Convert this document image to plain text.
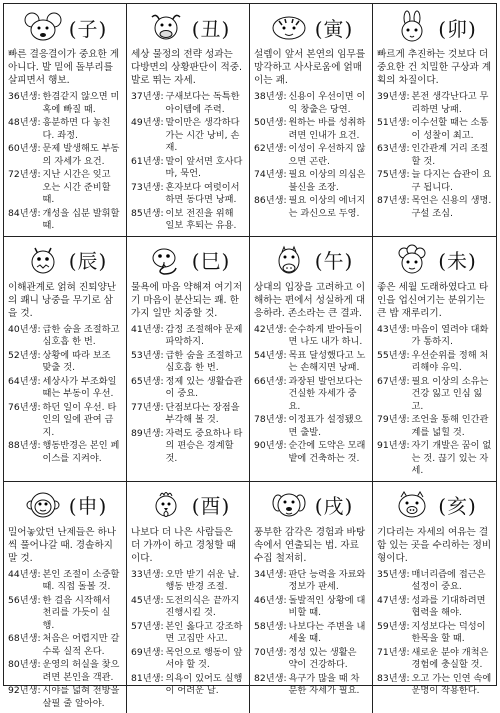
(子)
빠른 결응결이가 중요한 게 아니다. 발 밑에 돌부리를 살피면서 행보.
36년생: 한겸같지 않으면 미 혹에 빠질 때.
48년생: 흥분하면 다 놓친다. 좌정.
60년생: 문제 발생해도 부동의 자세가 요건.
72년생: 지난 시간은 잊고 오는 시간 준비할 때.
84년생: 개성을 십분 발휘할 때.
(丑)
세상 물정의 전략 성과는 다방면의 상황판단이 적중. 발로 뛰는 자세.
37년생: 구새보다는 독특한 아이템에 주력.
49년생: 말이만은 생각하다가는 시간 낭비, 손재.
61년생: 말이 앞서면 호사다마, 묵언.
73년생: 혼자보다 여럿이서 하면 동다면 낭패.
85년생: 이보 전진을 위해 일보 후퇴는 유용.
(寅)
설렘이 앞서 본연의 임무를 망각하고 사사로움에 얽매이는 괘.
38년생: 신용이 우선이면 이익 창출은 당연.
50년생: 원하는 바를 성취하려면 인내가 요건.
62년생: 이성이 우선하지 않으면 곤란.
74년생: 필요 이상의 의심은 불신을 조장.
86년생: 필요 이상의 에너지는 과신으로 두영.
(卯)
빠르게 추진하는 것보다 더 중요한 건 치밀한 구상과 계획의 차질이다.
39년생: 본전 생각난다고 무리하면 낭패.
51년생: 이수선할 때는 소통이 성찰이 최고.
63년생: 인간관계 거리 조절할 것.
75년생: 늘 다지는 습관이 요구 됩니다.
87년생: 목언은 신용의 생명. 구설 조심.
(辰)
이해관계로 얽혀 진퇴양난의 쾌니 낭중을 무기로 삼을 것.
40년생: 급한 숨을 조절하고 심호흡 한 번.
52년생: 상황에 따라 보조 맞출 것.
64년생: 세상사가 부조화일 때는 부동이 우선.
76년생: 하던 일이 우선. 타인의 일에 관여 금지.
88년생: 행동반경은 본인 페이스를 지켜야.
(巳)
물욕에 마음 약해져 여기저기 마음이 분산되는 쾌. 한 가지 일만 치중할 것.
41년생: 감정 조절해야 문제 파악하지.
53년생: 급한 숨을 조절하고 심호흡 한 번.
65년생: 정제 있는 생활습관이 중요.
77년생: 단점보다는 장점을 부각해 볼 것.
89년생: 자력도 중요하나 타의 편승은 경계할 것.
(午)
상대의 입장을 고려하고 이해하는 편에서 성실하게 대응하라. 존소라는 큰 결과.
42년생: 순수하게 받아들이면 나도 내가 하니.
54년생: 목표 달성했다고 노는 손해지면 낭패.
66년생: 과장된 발언보다는 건실한 자세가 중요.
78년생: 이정표가 설정됐으면 출발.
90년생: 순간에 도약은 모래 밭에 건축하는 것.
(未)
좋은 세월 도래하였다고 타인을 업신여기는 분위기는 큰 밥 재루리기.
43년생: 마음이 열려야 대화가 통하지.
55년생: 우선순위를 정해 처리해야 유익.
67년생: 필요 이상의 소유는 건강 잃고 인심 잃고.
79년생: 조언을 통해 인간관계를 넓힐 것.
91년생: 자기 개발은 꿈이 없는 것. 끊기 있는 자세.
(申)
밀어놓았던 난제들은 하나씩 풀어나갈 때. 경솔하지 말 것.
44년생: 본인 조절이 소중할 때. 직접 돌볼 것.
56년생: 한 걸음 시작해서 천리를 가듯이 실행.
68년생: 처음은 어렵지만 갈수록 실적 온다.
80년생: 운영의 허실을 찾으려면 본인을 객관.
92년생: 시야를 넓혀 전방을 살필 줄 알아야.
(酉)
나보다 더 나은 사람들은 더 가까이 하고 경청할 때이다.
33년생: 오만 받기 쉬운 날. 행동 반경 조절.
45년생: 도전의식은 끝까지 진행시킬 것.
57년생: 본인 옳다고 강조하면 고집만 사고.
69년생: 목언으로 행동이 앞서야 할 것.
81년생: 의욕이 있어도 실행이 어려운 날.
(戌)
풍부한 감각은 경험과 바탕 속에서 연출되는 법. 자료수집 철저히.
34년생: 판단 능력을 자료와 정보가 판세.
46년생: 돌발적인 상황에 대비할 때.
58년생: 나보다는 주변을 내세울 때.
70년생: 정성 있는 생활은 약이 건강하다.
82년생: 욕구가 많을 때 차분한 자세가 필요.
(亥)
기다리는 자세의 여유는 결함 있는 곳을 수리하는 정비형이다.
35년생: 매너리즘에 접근은 설정이 중요.
47년생: 성과를 기대하려면 협력을 해야.
59년생: 지성보다는 덕성이 한목을 할 때.
71년생: 새로운 분야 개척은 경험에 충실할 것.
83년생: 오고 가는 인연 속에 운명이 작용한다.
